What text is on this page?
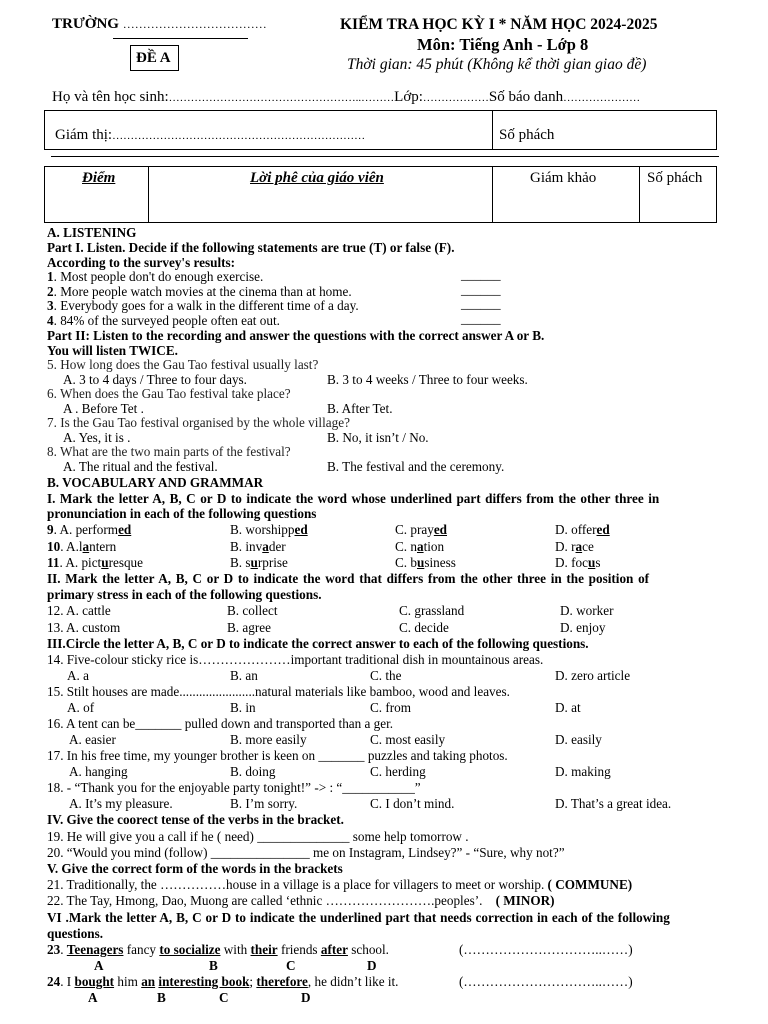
TRƯỜNG ………………………………
ĐỀ A
KIỂM TRA HỌC KỲ I * NĂM HỌC 2024-2025
Môn: Tiếng Anh - Lớp 8
Thời gian: 45 phút (Không kể thời gian giao đề)
Họ và tên học sinh:……………………………………………..………Lớp:………………Số báo danh…………………
Giám thị:……………………………………………………………	Số phách
Điểm	Lời phê của giáo viên	Giám khảo	Số phách
A. LISTENING
Part I. Listen. Decide if the following statements are true (T) or false (F).
According to the survey's results:
1. Most people don't do enough exercise.	______
2. More people watch movies at the cinema than at home.	______
3. Everybody goes for a walk in the different time of a day.	______
4. 84% of the surveyed people often eat out.	______
Part II: Listen to the recording and answer the questions with the correct answer A or B.
You will listen TWICE.
5. How long does the Gau Tao festival usually last?
A. 3 to 4 days / Three to four days.	B. 3 to 4 weeks / Three to four weeks.
6. When does the Gau Tao festival take place?
A . Before Tet .	B. After Tet.
7. Is the Gau Tao festival organised by the whole village?
A. Yes, it is .	B. No, it isn’t / No.
8. What are the two main parts of the festival?
A. The ritual and the festival.	B. The festival and the ceremony.
B. VOCABULARY AND GRAMMAR
I. Mark the letter A, B, C or D to indicate the word whose underlined part differs from the other three in
pronunciation in each of the following questions
9. A. performed	B. worshipped	C. prayed	D. offered
10. A.lantern	B. invader	C. nation	D. race
11. A. picturesque	B. surprise	C. business	D. focus
II. Mark the letter A, B, C or D to indicate the word that differs from the other three in the position of
primary stress in each of the following questions.
12. A. cattle	B. collect	C. grassland	D. worker
13. A. custom	B. agree	C. decide	D. enjoy
III.Circle the letter A, B, C or D to indicate the correct answer to each of the following questions.
14. Five-colour sticky rice is…………………important traditional dish in mountainous areas.
A. a	B. an	C. the	D. zero article
15. Stilt houses are made.......................natural materials like bamboo, wood and leaves.
A. of	B. in	C. from	D. at
16. A tent can be_______ pulled down and transported than a ger.
A. easier	B. more easily	C. most easily	D. easily
17. In his free time, my younger brother is keen on _______ puzzles and taking photos.
A. hanging	B. doing	C. herding	D. making
18. - “Thank you for the enjoyable party tonight!” -> : “___________”
A. It’s my pleasure.	B. I’m sorry.	C. I don’t mind.	D. That’s a great idea.
IV. Give the coorect tense of the verbs in the bracket.
19. He will give you a call if he ( need) ______________ some help tomorrow .
20. “Would you mind (follow) _______________ me on Instagram, Lindsey?” - “Sure, why not?”
V. Give the correct form of the words in the brackets
21. Traditionally, the ……………house in a village is a place for villagers to meet or worship. ( COMMUNE)
22. The Tay, Hmong, Dao, Muong are called ‘ethnic …………………….peoples’. ( MINOR)
VI .Mark the letter A, B, C or D to indicate the underlined part that needs correction in each of the following
questions.
23. Teenagers fancy to socialize with their friends after school.	(…………………………..……)
A	B	C	D
24. I bought him an interesting book; therefore, he didn’t like it.	(…………………………..……)
A	B	C	D
